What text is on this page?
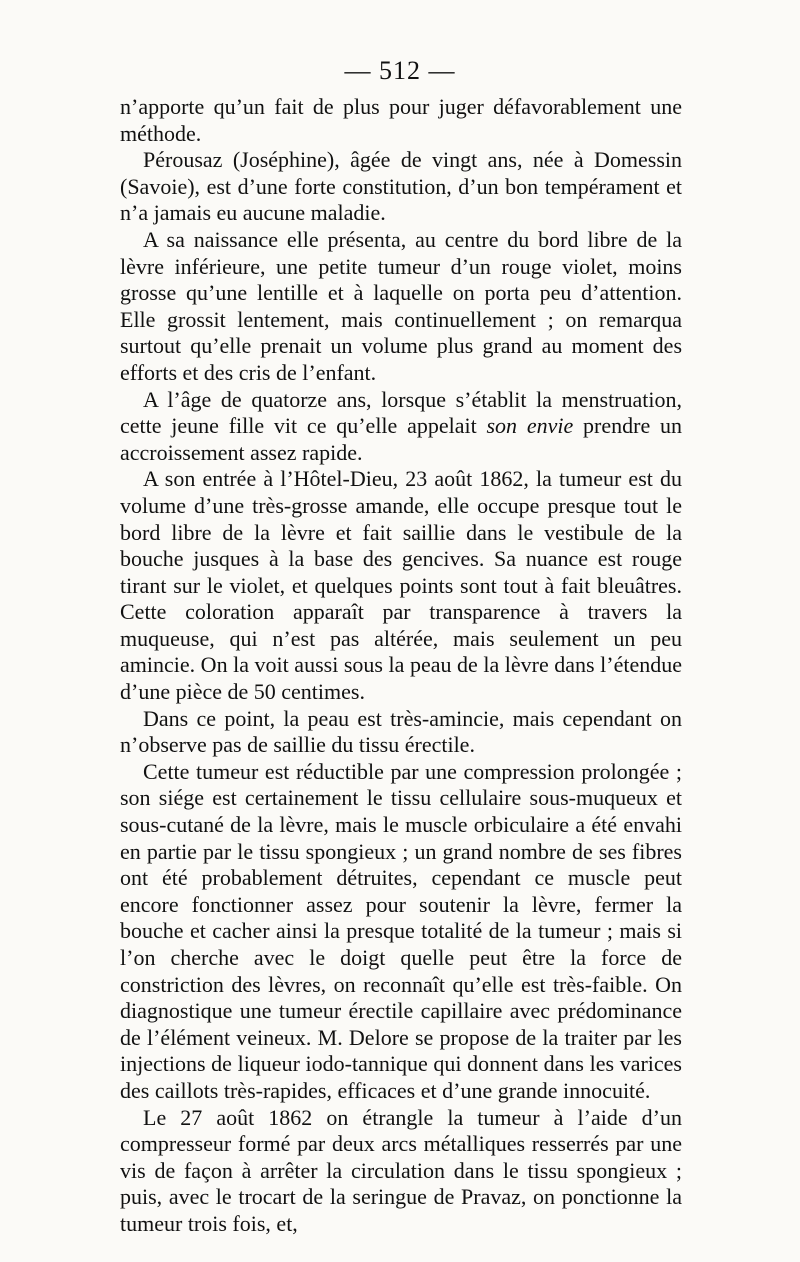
— 512 —

n’apporte qu’un fait de plus pour juger défavorablement une méthode.

Pérousaz (Joséphine), âgée de vingt ans, née à Domessin (Savoie), est d’une forte constitution, d’un bon tempérament et n’a jamais eu aucune maladie.

A sa naissance elle présenta, au centre du bord libre de la lèvre inférieure, une petite tumeur d’un rouge violet, moins grosse qu’une lentille et à laquelle on porta peu d’attention. Elle grossit lentement, mais continuellement ; on remarqua surtout qu’elle prenait un volume plus grand au moment des efforts et des cris de l’enfant.

A l’âge de quatorze ans, lorsque s’établit la menstruation, cette jeune fille vit ce qu’elle appelait son envie prendre un accroissement assez rapide.

A son entrée à l’Hôtel-Dieu, 23 août 1862, la tumeur est du volume d’une très-grosse amande, elle occupe presque tout le bord libre de la lèvre et fait saillie dans le vestibule de la bouche jusques à la base des gencives. Sa nuance est rouge tirant sur le violet, et quelques points sont tout à fait bleuâtres. Cette coloration apparaît par transparence à travers la muqueuse, qui n’est pas altérée, mais seulement un peu amincie. On la voit aussi sous la peau de la lèvre dans l’étendue d’une pièce de 50 centimes.

Dans ce point, la peau est très-amincie, mais cependant on n’observe pas de saillie du tissu érectile.

Cette tumeur est réductible par une compression prolongée ; son siége est certainement le tissu cellulaire sous-muqueux et sous-cutané de la lèvre, mais le muscle orbiculaire a été envahi en partie par le tissu spongieux ; un grand nombre de ses fibres ont été probablement détruites, cependant ce muscle peut encore fonctionner assez pour soutenir la lèvre, fermer la bouche et cacher ainsi la presque totalité de la tumeur ; mais si l’on cherche avec le doigt quelle peut être la force de constriction des lèvres, on reconnaît qu’elle est très-faible. On diagnostique une tumeur érectile capillaire avec prédominance de l’élément veineux. M. Delore se propose de la traiter par les injections de liqueur iodo-tannique qui donnent dans les varices des caillots très-rapides, efficaces et d’une grande innocuité.

Le 27 août 1862 on étrangle la tumeur à l’aide d’un compresseur formé par deux arcs métalliques resserrés par une vis de façon à arrêter la circulation dans le tissu spongieux ; puis, avec le trocart de la seringue de Pravaz, on ponctionne la tumeur trois fois, et,
